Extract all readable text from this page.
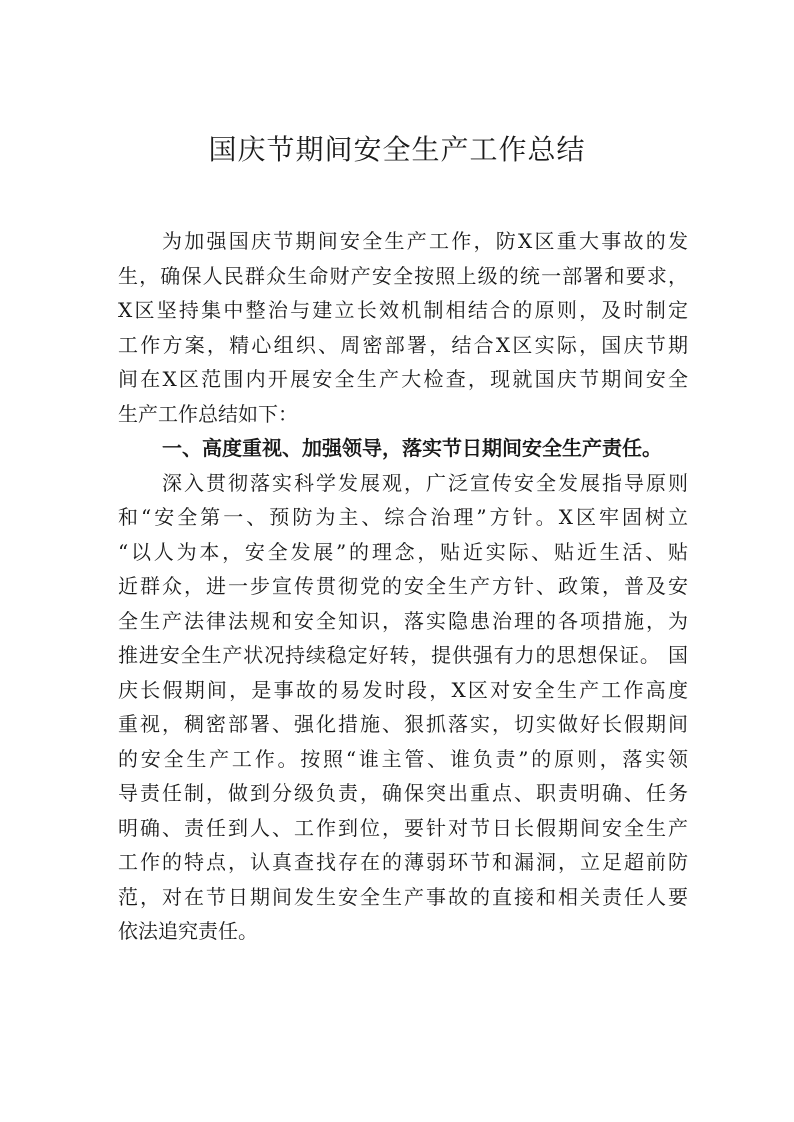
国庆节期间安全生产工作总结
为加强国庆节期间安全生产工作，防X区重大事故的发
生，确保人民群众生命财产安全按照上级的统一部署和要求，
X区坚持集中整治与建立长效机制相结合的原则，及时制定
工作方案，精心组织、周密部署，结合X区实际，国庆节期
间在X区范围内开展安全生产大检查，现就国庆节期间安全
生产工作总结如下：
一、高度重视、加强领导，落实节日期间安全生产责任。
深入贯彻落实科学发展观，广泛宣传安全发展指导原则
和“安全第一、预防为主、综合治理”方针。X区牢固树立
“以人为本，安全发展”的理念，贴近实际、贴近生活、贴
近群众，进一步宣传贯彻党的安全生产方针、政策，普及安
全生产法律法规和安全知识，落实隐患治理的各项措施，为
推进安全生产状况持续稳定好转，提供强有力的思想保证。 国
庆长假期间，是事故的易发时段，X区对安全生产工作高度
重视，稠密部署、强化措施、狠抓落实，切实做好长假期间
的安全生产工作。按照“谁主管、谁负责”的原则，落实领
导责任制，做到分级负责，确保突出重点、职责明确、任务
明确、责任到人、工作到位，要针对节日长假期间安全生产
工作的特点，认真查找存在的薄弱环节和漏洞，立足超前防
范，对在节日期间发生安全生产事故的直接和相关责任人要
依法追究责任。
